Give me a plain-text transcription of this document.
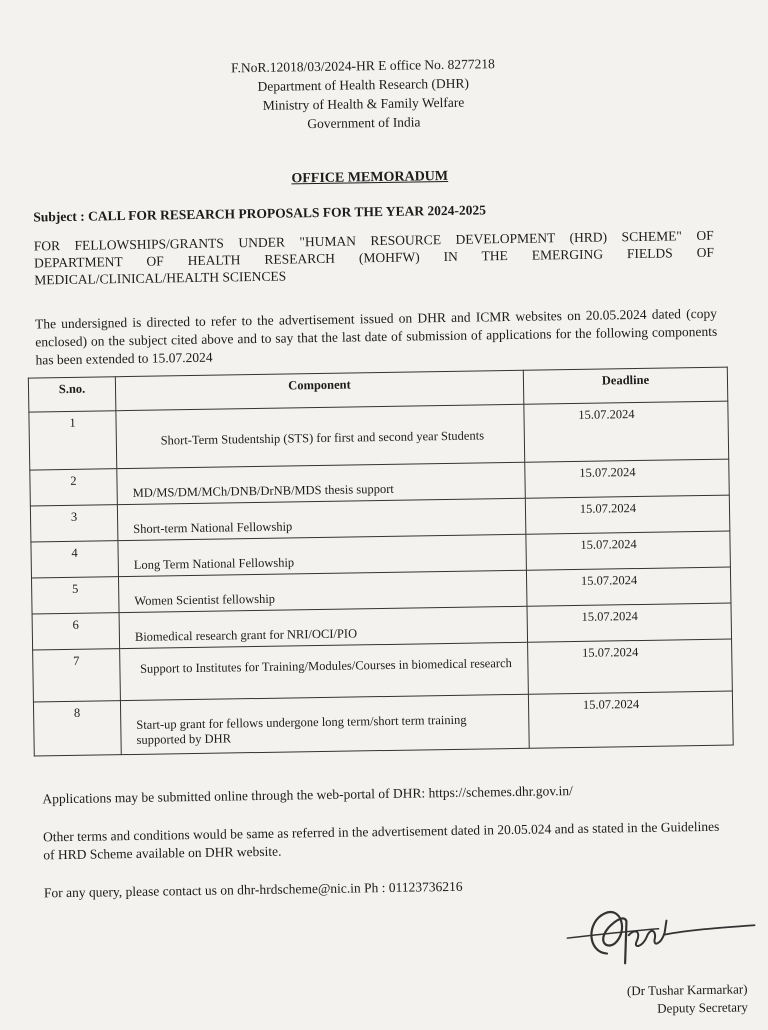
F.NoR.12018/03/2024-HR E office No. 8277218
Department of Health Research (DHR)
Ministry of Health & Family Welfare
Government of India
OFFICE MEMORADUM
Subject : CALL FOR RESEARCH PROPOSALS FOR THE YEAR 2024-2025
FOR FELLOWSHIPS/GRANTS UNDER "HUMAN RESOURCE DEVELOPMENT (HRD) SCHEME" OF DEPARTMENT OF HEALTH RESEARCH (MOHFW) IN THE EMERGING FIELDS OF MEDICAL/CLINICAL/HEALTH SCIENCES
The undersigned is directed to refer to the advertisement issued on DHR and ICMR websites on 20.05.2024 dated (copy enclosed) on the subject cited above and to say that the last date of submission of applications for the following components has been extended to 15.07.2024
S.no.	Component	Deadline
1	Short-Term Studentship (STS) for first and second year Students	15.07.2024
2	MD/MS/DM/MCh/DNB/DrNB/MDS thesis support	15.07.2024
3	Short-term National Fellowship	15.07.2024
4	Long Term National Fellowship	15.07.2024
5	Women Scientist fellowship	15.07.2024
6	Biomedical research grant for NRI/OCI/PIO	15.07.2024
7	Support to Institutes for Training/Modules/Courses in biomedical research	15.07.2024
8	Start-up grant for fellows undergone long term/short term training supported by DHR	15.07.2024
Applications may be submitted online through the web-portal of DHR: https://schemes.dhr.gov.in/
Other terms and conditions would be same as referred in the advertisement dated in 20.05.024 and as stated in the Guidelines of HRD Scheme available on DHR website.
For any query, please contact us on dhr-hrdscheme@nic.in Ph : 01123736216
(Dr Tushar Karmarkar)
Deputy Secretary
